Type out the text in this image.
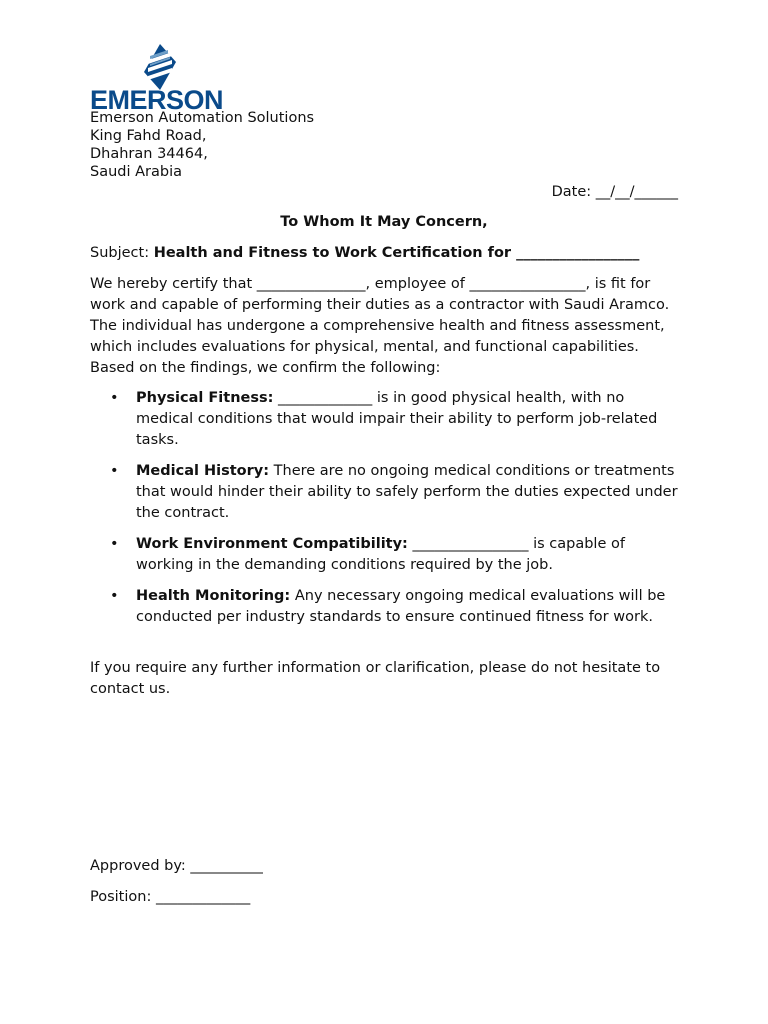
EMERSON
Emerson Automation Solutions
King Fahd Road,
Dhahran 34464,
Saudi Arabia
Date: __/__/______
To Whom It May Concern,
Subject: Health and Fitness to Work Certification for _________________
We hereby certify that _______________, employee of ________________, is fit for work and capable of performing their duties as a contractor with Saudi Aramco. The individual has undergone a comprehensive health and fitness assessment, which includes evaluations for physical, mental, and functional capabilities. Based on the findings, we confirm the following:
• Physical Fitness: _____________ is in good physical health, with no medical conditions that would impair their ability to perform job-related tasks.
• Medical History: There are no ongoing medical conditions or treatments that would hinder their ability to safely perform the duties expected under the contract.
• Work Environment Compatibility: ________________ is capable of working in the demanding conditions required by the job.
• Health Monitoring: Any necessary ongoing medical evaluations will be conducted per industry standards to ensure continued fitness for work.
If you require any further information or clarification, please do not hesitate to contact us.
Approved by: __________
Position: _____________
